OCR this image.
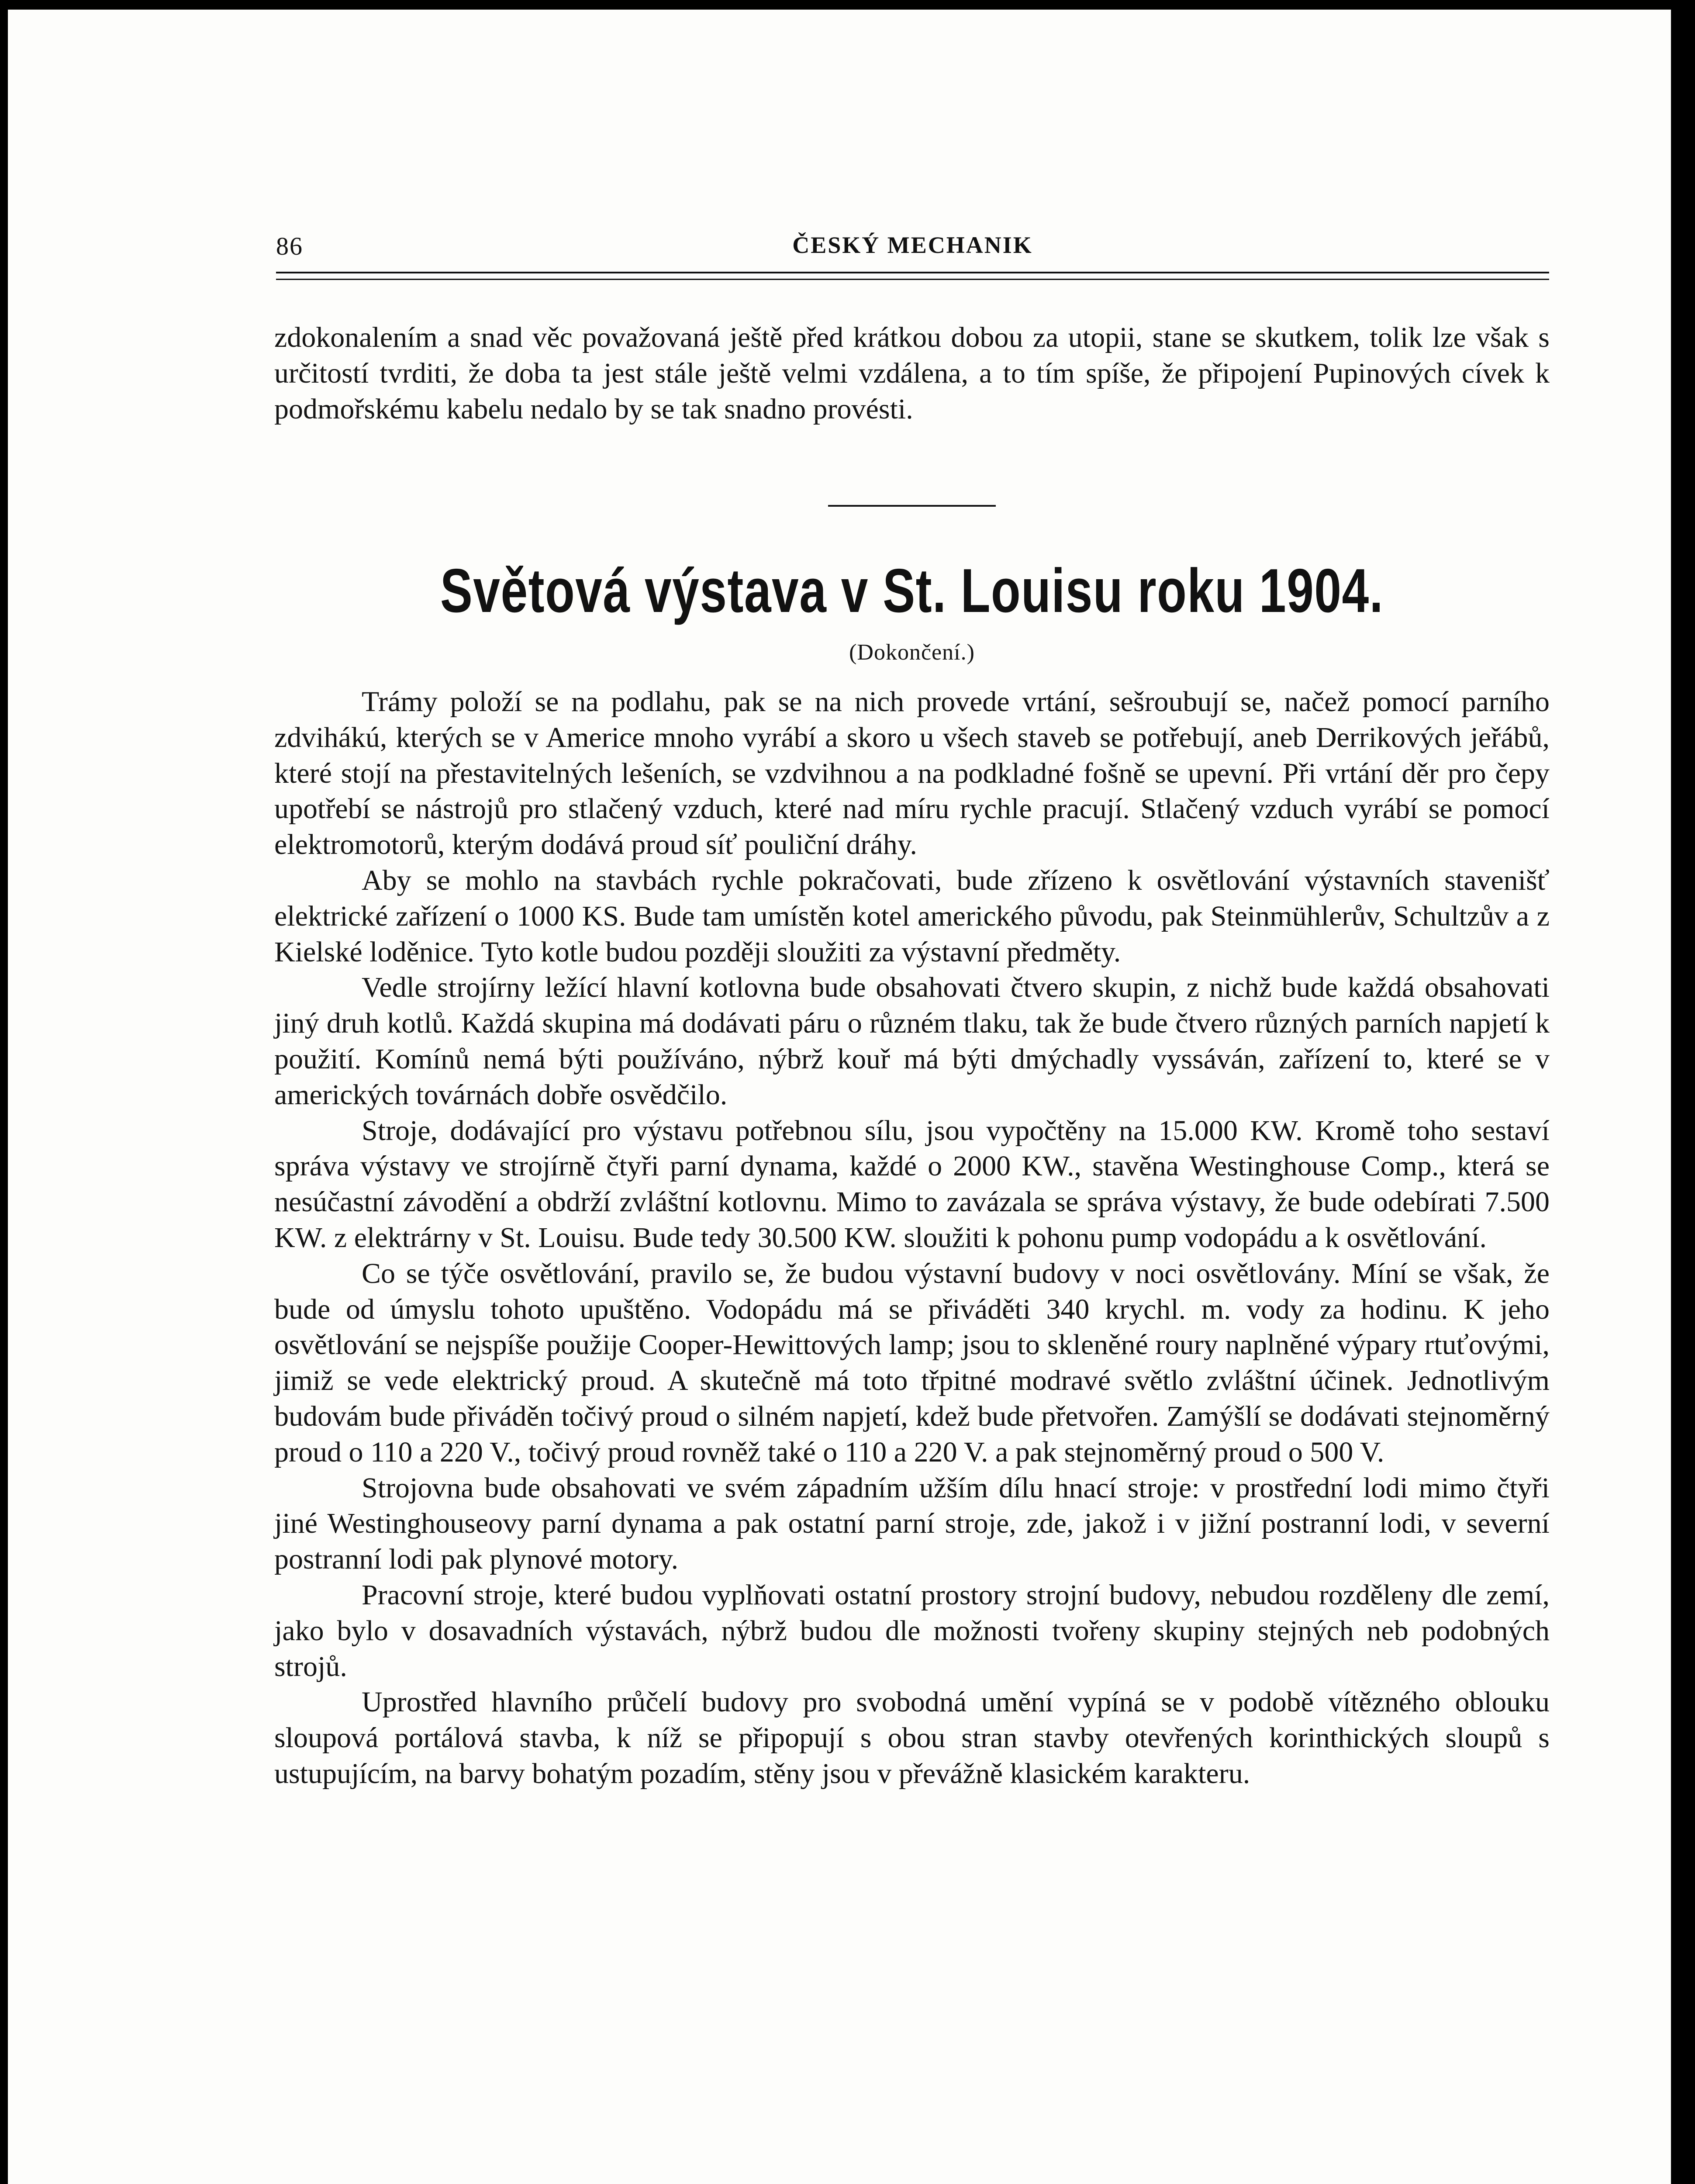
86	ČESKÝ MECHANIK

zdokonalením a snad věc považovaná ještě před krátkou dobou za utopii, stane se skutkem, tolik lze však s určitostí tvrditi, že doba ta jest stále ještě velmi vzdálena, a to tím spíše, že připojení Pupinových cívek k podmořskému kabelu nedalo by se tak snadno provésti.

Světová výstava v St. Louisu roku 1904.
(Dokončení.)

Trámy položí se na podlahu, pak se na nich provede vrtání, sešroubují se, načež pomocí parního zdvihákú, kterých se v Americe mnoho vyrábí a skoro u všech staveb se potřebují, aneb Derrikových jeřábů, které stojí na přestavitelných lešeních, se vzdvihnou a na podkladné fošně se upevní. Při vrtání děr pro čepy upotřebí se nástrojů pro stlačený vzduch, které nad míru rychle pracují. Stlačený vzduch vyrábí se pomocí elektromotorů, kterým dodává proud síť pouliční dráhy.

Aby se mohlo na stavbách rychle pokračovati, bude zřízeno k osvětlování výstavních stavenišť elektrické zařízení o 1000 KS. Bude tam umístěn kotel amerického původu, pak Steinmühlerův, Schultzův a z Kielské loděnice. Tyto kotle budou později sloužiti za výstavní předměty.

Vedle strojírny ležící hlavní kotlovna bude obsahovati čtvero skupin, z nichž bude každá obsahovati jiný druh kotlů. Každá skupina má dodávati páru o různém tlaku, tak že bude čtvero různých parních napjetí k použití. Komínů nemá býti používáno, nýbrž kouř má býti dmýchadly vyssáván, zařízení to, které se v amerických továrnách dobře osvědčilo.

Stroje, dodávající pro výstavu potřebnou sílu, jsou vypočtěny na 15.000 KW. Kromě toho sestaví správa výstavy ve strojírně čtyři parní dynama, každé o 2000 KW., stavěna Westinghouse Comp., která se nesúčastní závodění a obdrží zvláštní kotlovnu. Mimo to zavázala se správa výstavy, že bude odebírati 7.500 KW. z elektrárny v St. Louisu. Bude tedy 30.500 KW. sloužiti k pohonu pump vodopádu a k osvětlování.

Co se týče osvětlování, pravilo se, že budou výstavní budovy v noci osvětlovány. Míní se však, že bude od úmyslu tohoto upuštěno. Vodopádu má se přiváděti 340 krychl. m. vody za hodinu. K jeho osvětlování se nejspíše použije Cooper-Hewittových lamp; jsou to skleněné roury naplněné výpary rtuťovými, jimiž se vede elektrický proud. A skutečně má toto třpitné modravé světlo zvláštní účinek. Jednotlivým budovám bude přiváděn točivý proud o silném napjetí, kdež bude přetvořen. Zamýšlí se dodávati stejnoměrný proud o 110 a 220 V., točivý proud rovněž také o 110 a 220 V. a pak stejnoměrný proud o 500 V.

Strojovna bude obsahovati ve svém západním užším dílu hnací stroje: v prostřední lodi mimo čtyři jiné Westinghouseovy parní dynama a pak ostatní parní stroje, zde, jakož i v jižní postranní lodi, v severní postranní lodi pak plynové motory.

Pracovní stroje, které budou vyplňovati ostatní prostory strojní budovy, nebudou rozděleny dle zemí, jako bylo v dosavadních výstavách, nýbrž budou dle možnosti tvořeny skupiny stejných neb podobných strojů.

Uprostřed hlavního průčelí budovy pro svobodná umění vypíná se v podobě vítězného oblouku sloupová portálová stavba, k níž se připopují s obou stran stavby otevřených korinthických sloupů s ustupujícím, na barvy bohatým pozadím, stěny jsou v převážně klasickém karakteru.
